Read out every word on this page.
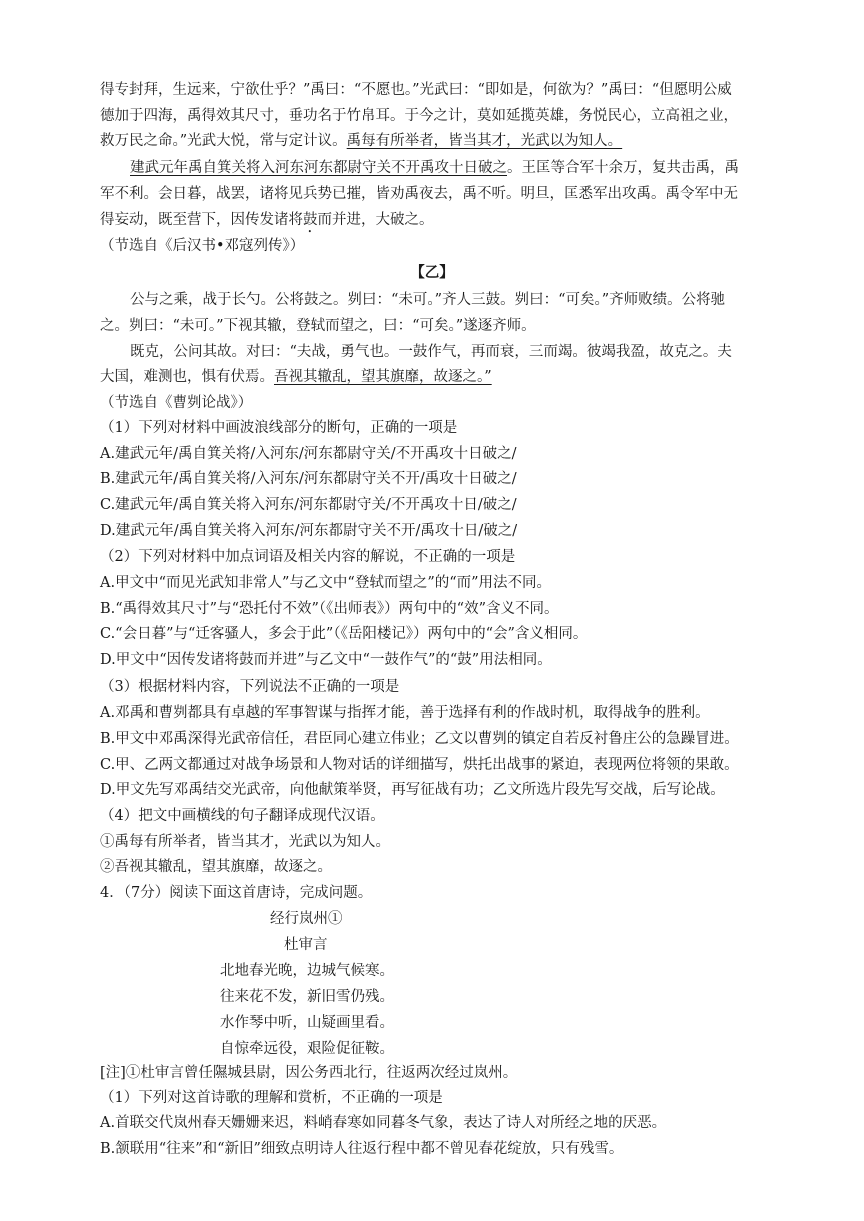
得专封拜，生远来，宁欲仕乎？”禹曰：“不愿也。”光武曰：“即如是，何欲为？”禹曰：“但愿明公威
德加于四海，禹得效其尺寸，垂功名于竹帛耳。于今之计，莫如延揽英雄，务悦民心，立高祖之业，
救万民之命。”光武大悦，常与定计议。禹每有所举者，皆当其才，光武以为知人。
建武元年禹自箕关将入河东河东都尉守关不开禹攻十日破之。王匡等合军十余万，复共击禹，禹
军不利。会日暮，战罢，诸将见兵势已摧，皆劝禹夜去，禹不听。明旦，匡悉军出攻禹。禹令军中无
得妄动，既至营下，因传发诸将鼓而并进，大破之。
（节选自《后汉书•邓寇列传》）
【乙】
公与之乘，战于长勺。公将鼓之。刿曰：“未可。”齐人三鼓。刿曰：“可矣。”齐师败绩。公将驰
之。刿曰：“未可。”下视其辙，登轼而望之，曰：“可矣。”遂逐齐师。
既克，公问其故。对曰：“夫战，勇气也。一鼓作气，再而衰，三而竭。彼竭我盈，故克之。夫
大国，难测也，惧有伏焉。吾视其辙乱，望其旗靡，故逐之。”
（节选自《曹刿论战》）
（1）下列对材料中画波浪线部分的断句，正确的一项是
A.建武元年/禹自箕关将/入河东/河东都尉守关/不开禹攻十日破之/
B.建武元年/禹自箕关将/入河东/河东都尉守关不开/禹攻十日破之/
C.建武元年/禹自箕关将入河东/河东都尉守关/不开禹攻十日/破之/
D.建武元年/禹自箕关将入河东/河东都尉守关不开/禹攻十日/破之/
（2）下列对材料中加点词语及相关内容的解说，不正确的一项是
A.甲文中“而见光武知非常人”与乙文中“登轼而望之”的“而”用法不同。
B.“禹得效其尺寸”与“恐托付不效”（《出师表》）两句中的“效”含义不同。
C.“会日暮”与“迁客骚人，多会于此”（《岳阳楼记》）两句中的“会”含义相同。
D.甲文中“因传发诸将鼓而并进”与乙文中“一鼓作气”的“鼓”用法相同。
（3）根据材料内容，下列说法不正确的一项是
A.邓禹和曹刿都具有卓越的军事智谋与指挥才能，善于选择有利的作战时机，取得战争的胜利。
B.甲文中邓禹深得光武帝信任，君臣同心建立伟业；乙文以曹刿的镇定自若反衬鲁庄公的急躁冒进。
C.甲、乙两文都通过对战争场景和人物对话的详细描写，烘托出战事的紧迫，表现两位将领的果敢。
D.甲文先写邓禹结交光武帝，向他献策举贤，再写征战有功；乙文所选片段先写交战，后写论战。
（4）把文中画横线的句子翻译成现代汉语。
①禹每有所举者，皆当其才，光武以为知人。
②吾视其辙乱，望其旗靡，故逐之。
4．（7分）阅读下面这首唐诗，完成问题。
经行岚州①
杜审言
北地春光晚，边城气候寒。
往来花不发，新旧雪仍残。
水作琴中听，山疑画里看。
自惊牵远役，艰险促征鞍。
[注]①杜审言曾任隰城县尉，因公务西北行，往返两次经过岚州。
（1）下列对这首诗歌的理解和赏析，不正确的一项是
A.首联交代岚州春天姗姗来迟，料峭春寒如同暮冬气象，表达了诗人对所经之地的厌恶。
B.颔联用“往来”和“新旧”细致点明诗人往返行程中都不曾见春花绽放，只有残雪。
